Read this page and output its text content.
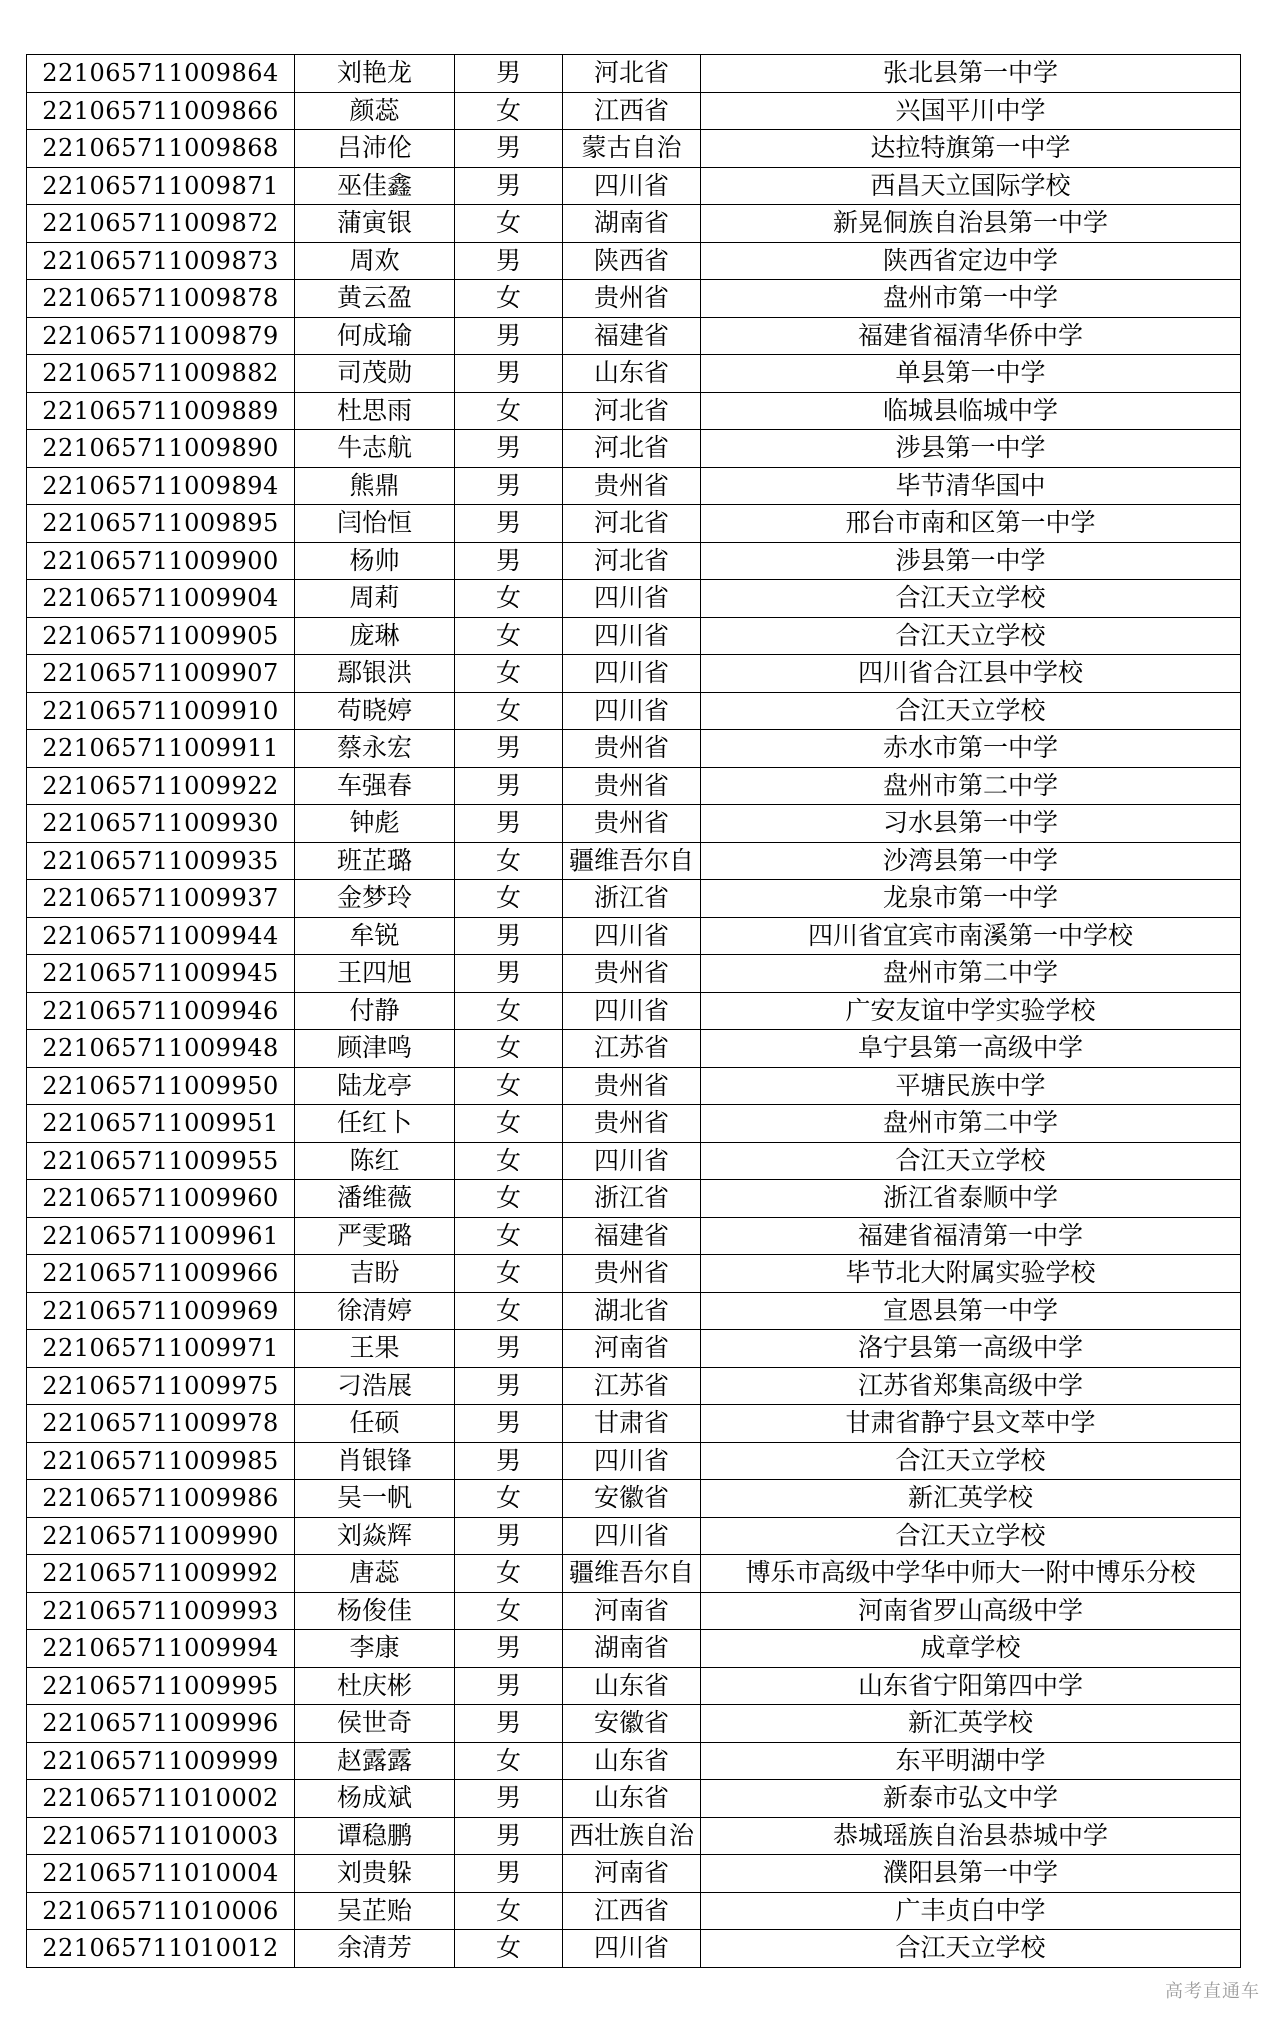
221065711009864	刘艳龙	男	河北省	张北县第一中学
221065711009866	颜蕊	女	江西省	兴国平川中学
221065711009868	吕沛伦	男	蒙古自治	达拉特旗第一中学
221065711009871	巫佳鑫	男	四川省	西昌天立国际学校
221065711009872	蒲寅银	女	湖南省	新晃侗族自治县第一中学
221065711009873	周欢	男	陕西省	陕西省定边中学
221065711009878	黄云盈	女	贵州省	盘州市第一中学
221065711009879	何成瑜	男	福建省	福建省福清华侨中学
221065711009882	司茂勋	男	山东省	单县第一中学
221065711009889	杜思雨	女	河北省	临城县临城中学
221065711009890	牛志航	男	河北省	涉县第一中学
221065711009894	熊鼎	男	贵州省	毕节清华国中
221065711009895	闫怡恒	男	河北省	邢台市南和区第一中学
221065711009900	杨帅	男	河北省	涉县第一中学
221065711009904	周莉	女	四川省	合江天立学校
221065711009905	庞琳	女	四川省	合江天立学校
221065711009907	鄢银洪	女	四川省	四川省合江县中学校
221065711009910	苟晓婷	女	四川省	合江天立学校
221065711009911	蔡永宏	男	贵州省	赤水市第一中学
221065711009922	车强春	男	贵州省	盘州市第二中学
221065711009930	钟彪	男	贵州省	习水县第一中学
221065711009935	班芷璐	女	疆维吾尔自	沙湾县第一中学
221065711009937	金梦玲	女	浙江省	龙泉市第一中学
221065711009944	牟锐	男	四川省	四川省宜宾市南溪第一中学校
221065711009945	王四旭	男	贵州省	盘州市第二中学
221065711009946	付静	女	四川省	广安友谊中学实验学校
221065711009948	顾津鸣	女	江苏省	阜宁县第一高级中学
221065711009950	陆龙亭	女	贵州省	平塘民族中学
221065711009951	任红卜	女	贵州省	盘州市第二中学
221065711009955	陈红	女	四川省	合江天立学校
221065711009960	潘维薇	女	浙江省	浙江省泰顺中学
221065711009961	严雯璐	女	福建省	福建省福清第一中学
221065711009966	吉盼	女	贵州省	毕节北大附属实验学校
221065711009969	徐清婷	女	湖北省	宣恩县第一中学
221065711009971	王果	男	河南省	洛宁县第一高级中学
221065711009975	刁浩展	男	江苏省	江苏省郑集高级中学
221065711009978	任硕	男	甘肃省	甘肃省静宁县文萃中学
221065711009985	肖银锋	男	四川省	合江天立学校
221065711009986	吴一帆	女	安徽省	新汇英学校
221065711009990	刘焱辉	男	四川省	合江天立学校
221065711009992	唐蕊	女	疆维吾尔自	博乐市高级中学华中师大一附中博乐分校
221065711009993	杨俊佳	女	河南省	河南省罗山高级中学
221065711009994	李康	男	湖南省	成章学校
221065711009995	杜庆彬	男	山东省	山东省宁阳第四中学
221065711009996	侯世奇	男	安徽省	新汇英学校
221065711009999	赵露露	女	山东省	东平明湖中学
221065711010002	杨成斌	男	山东省	新泰市弘文中学
221065711010003	谭稳鹏	男	西壮族自治	恭城瑶族自治县恭城中学
221065711010004	刘贵躲	男	河南省	濮阳县第一中学
221065711010006	吴芷贻	女	江西省	广丰贞白中学
221065711010012	余清芳	女	四川省	合江天立学校
高考直通车
